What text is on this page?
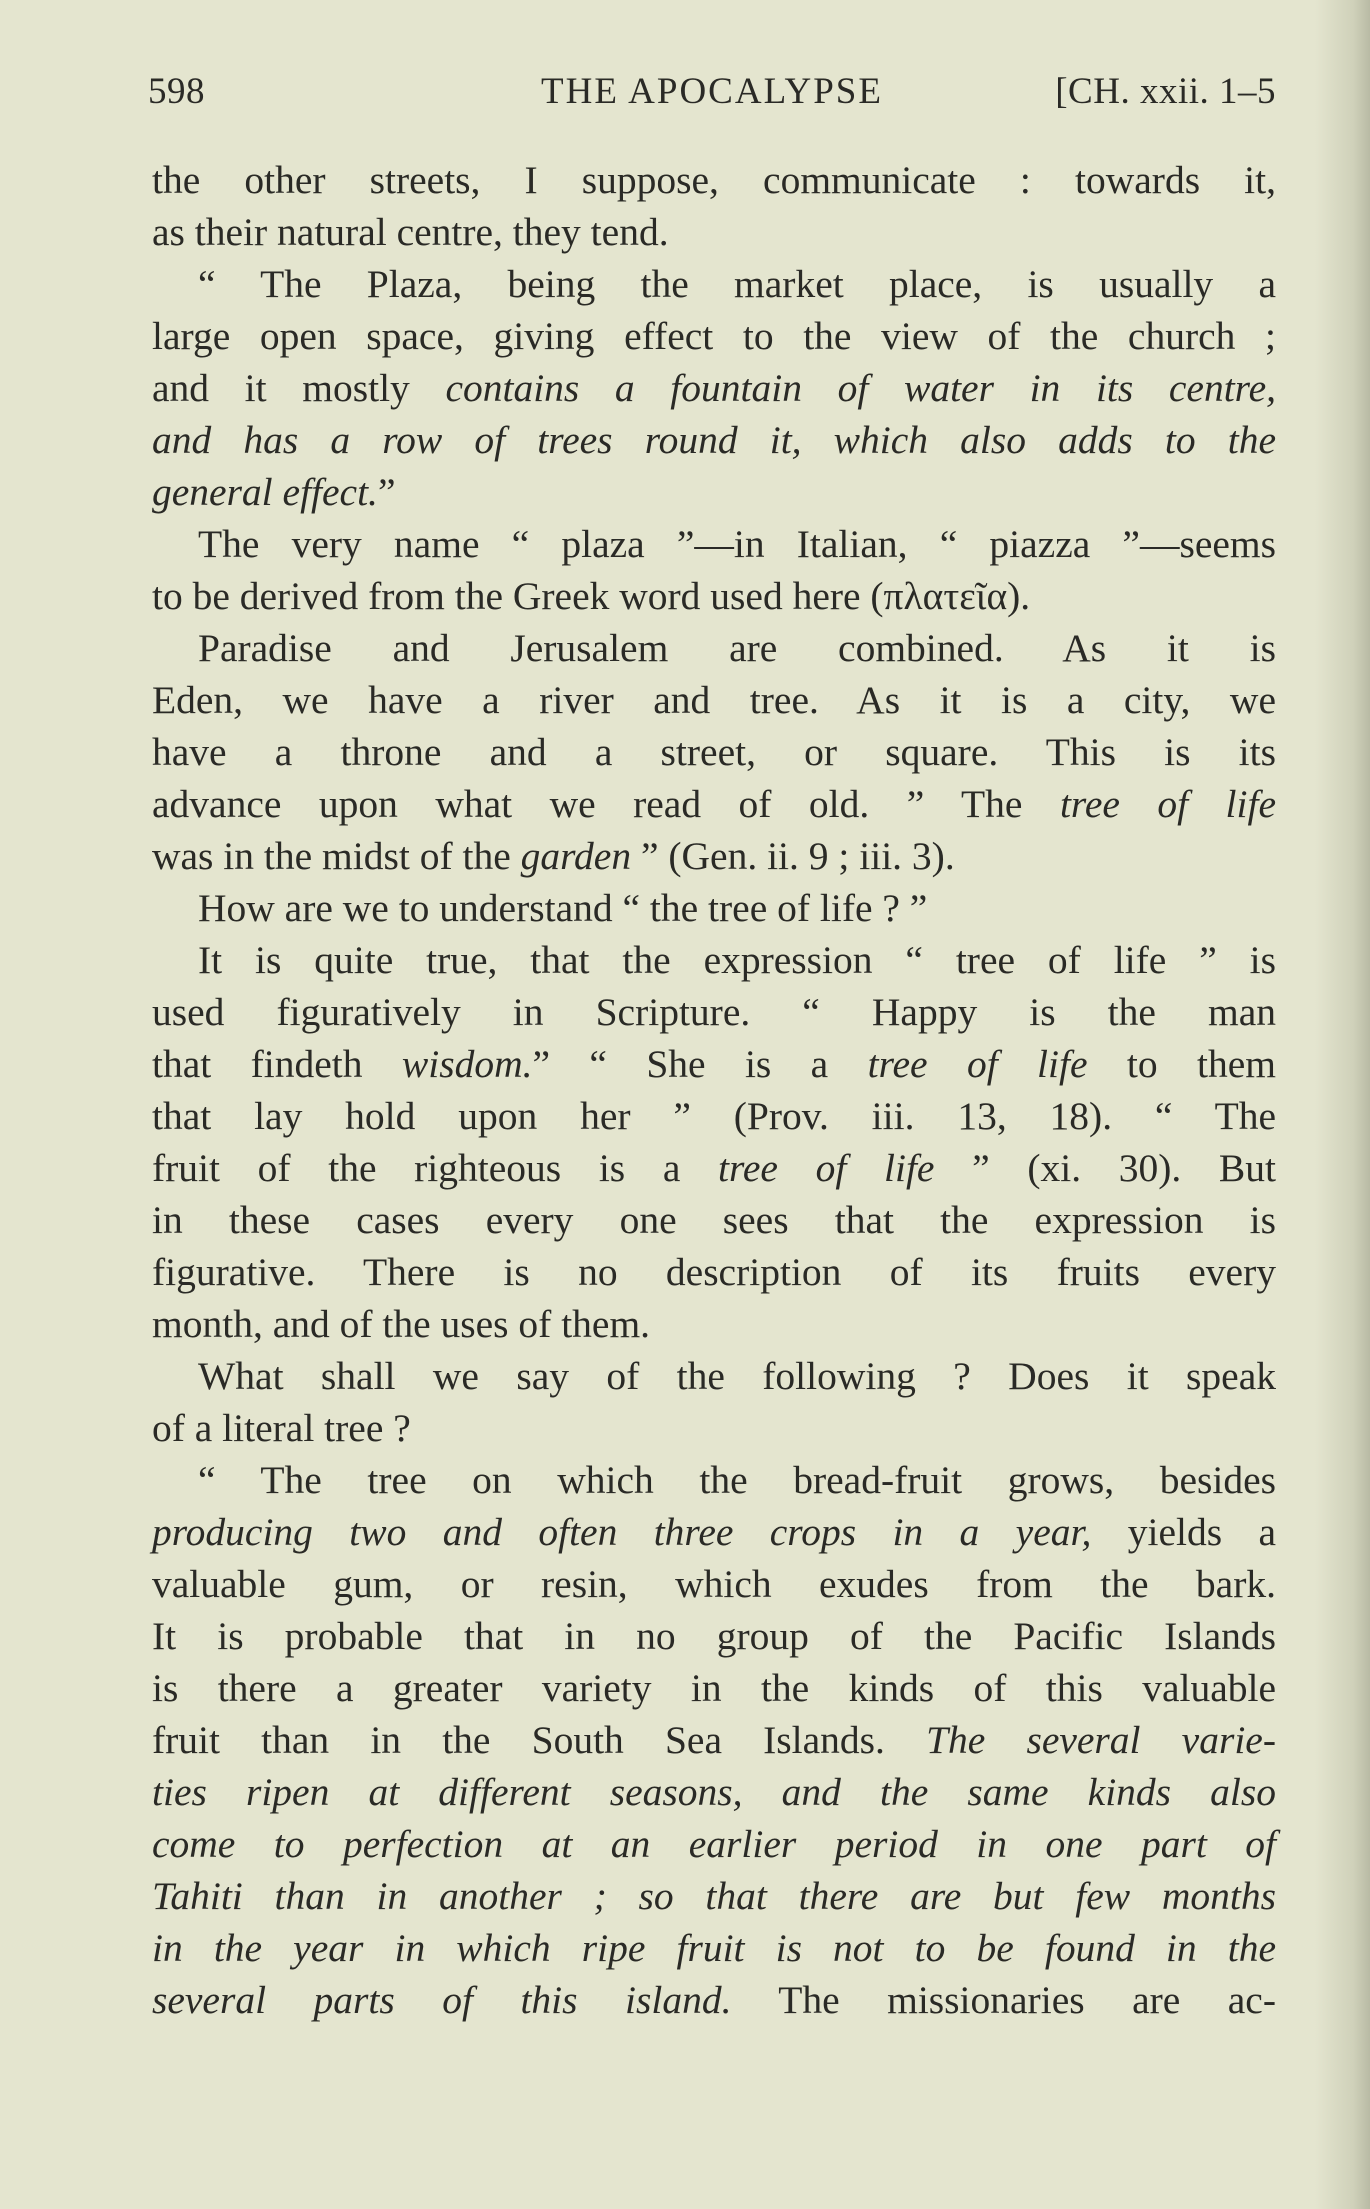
598	THE APOCALYPSE	[CH. xxii. 1–5
the other streets, I suppose, communicate : towards it,
as their natural centre, they tend.
“ The Plaza, being the market place, is usually a
large open space, giving effect to the view of the church ;
and it mostly contains a fountain of water in its centre,
and has a row of trees round it, which also adds to the
general effect.”
The very name “ plaza ”—in Italian, “ piazza ”—seems
to be derived from the Greek word used here (πλατεῖα).
Paradise and Jerusalem are combined. As it is
Eden, we have a river and tree. As it is a city, we
have a throne and a street, or square. This is its
advance upon what we read of old. ” The tree of life
was in the midst of the garden ” (Gen. ii. 9 ; iii. 3).
How are we to understand “ the tree of life ? ”
It is quite true, that the expression “ tree of life ” is
used figuratively in Scripture. “ Happy is the man
that findeth wisdom.” “ She is a tree of life to them
that lay hold upon her ” (Prov. iii. 13, 18). “ The
fruit of the righteous is a tree of life ” (xi. 30). But
in these cases every one sees that the expression is
figurative. There is no description of its fruits every
month, and of the uses of them.
What shall we say of the following ? Does it speak
of a literal tree ?
“ The tree on which the bread-fruit grows, besides
producing two and often three crops in a year, yields a
valuable gum, or resin, which exudes from the bark.
It is probable that in no group of the Pacific Islands
is there a greater variety in the kinds of this valuable
fruit than in the South Sea Islands. The several varie-
ties ripen at different seasons, and the same kinds also
come to perfection at an earlier period in one part of
Tahiti than in another ; so that there are but few months
in the year in which ripe fruit is not to be found in the
several parts of this island. The missionaries are ac-
